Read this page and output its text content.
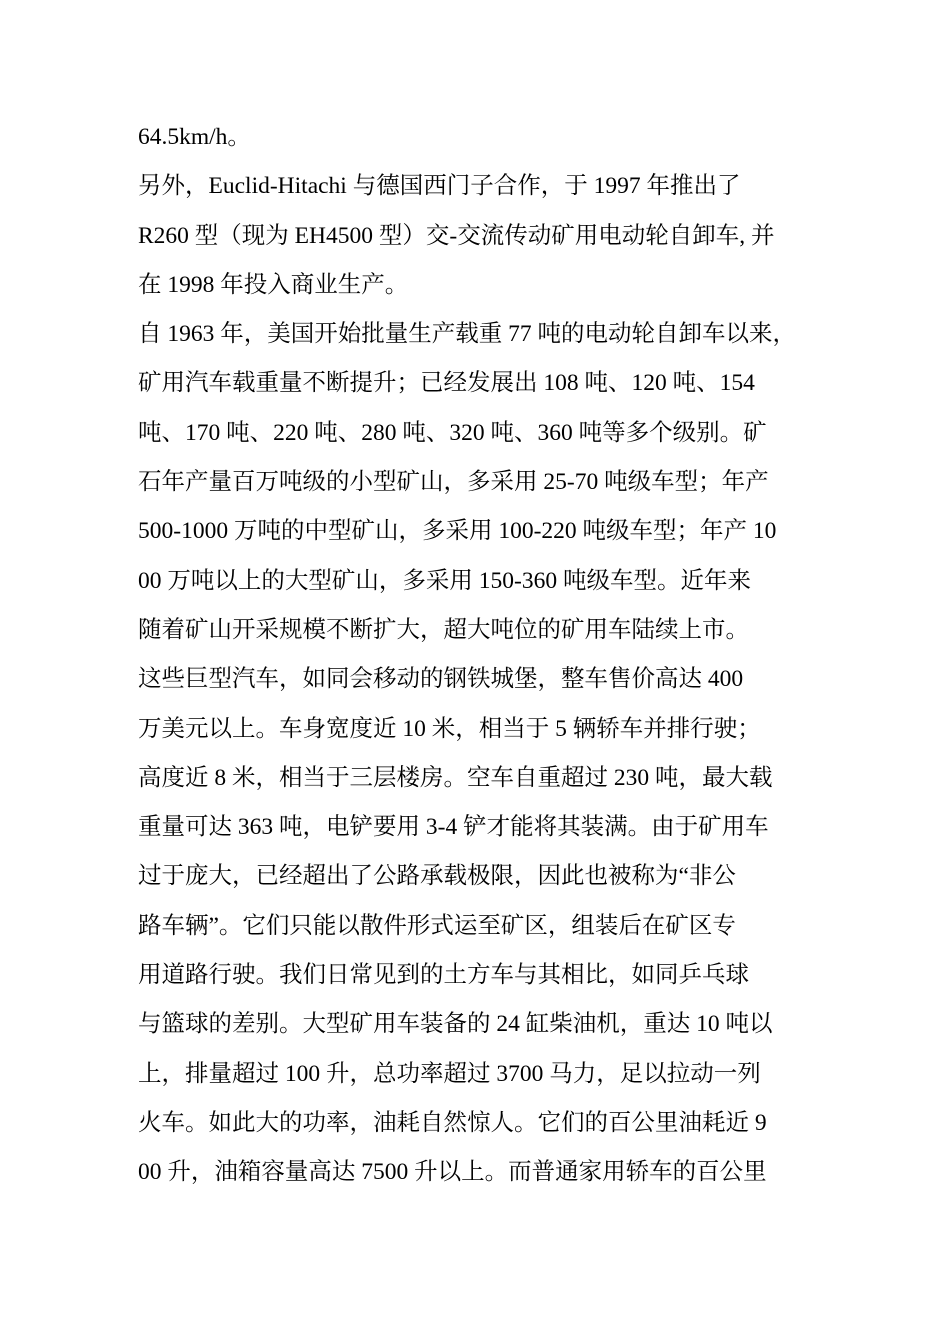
64.5km/h。
另外，Euclid-Hitachi 与德国西门子合作，于 1997 年推出了
R260 型（现为 EH4500 型）交-交流传动矿用电动轮自卸车, 并
在 1998 年投入商业生产。
自 1963 年，美国开始批量生产载重 77 吨的电动轮自卸车以来，
矿用汽车载重量不断提升；已经发展出 108 吨、120 吨、154
吨、170 吨、220 吨、280 吨、320 吨、360 吨等多个级别。矿
石年产量百万吨级的小型矿山，多采用 25-70 吨级车型；年产
500-1000 万吨的中型矿山，多采用 100-220 吨级车型；年产 10
00 万吨以上的大型矿山，多采用 150-360 吨级车型。近年来
随着矿山开采规模不断扩大，超大吨位的矿用车陆续上市。
这些巨型汽车，如同会移动的钢铁城堡，整车售价高达 400
万美元以上。车身宽度近 10 米，相当于 5 辆轿车并排行驶；
高度近 8 米，相当于三层楼房。空车自重超过 230 吨，最大载
重量可达 363 吨，电铲要用 3-4 铲才能将其装满。由于矿用车
过于庞大，已经超出了公路承载极限，因此也被称为“非公
路车辆”。它们只能以散件形式运至矿区，组装后在矿区专
用道路行驶。我们日常见到的土方车与其相比，如同乒乓球
与篮球的差别。大型矿用车装备的 24 缸柴油机，重达 10 吨以
上，排量超过 100 升，总功率超过 3700 马力，足以拉动一列
火车。如此大的功率，油耗自然惊人。它们的百公里油耗近 9
00 升，油箱容量高达 7500 升以上。而普通家用轿车的百公里
